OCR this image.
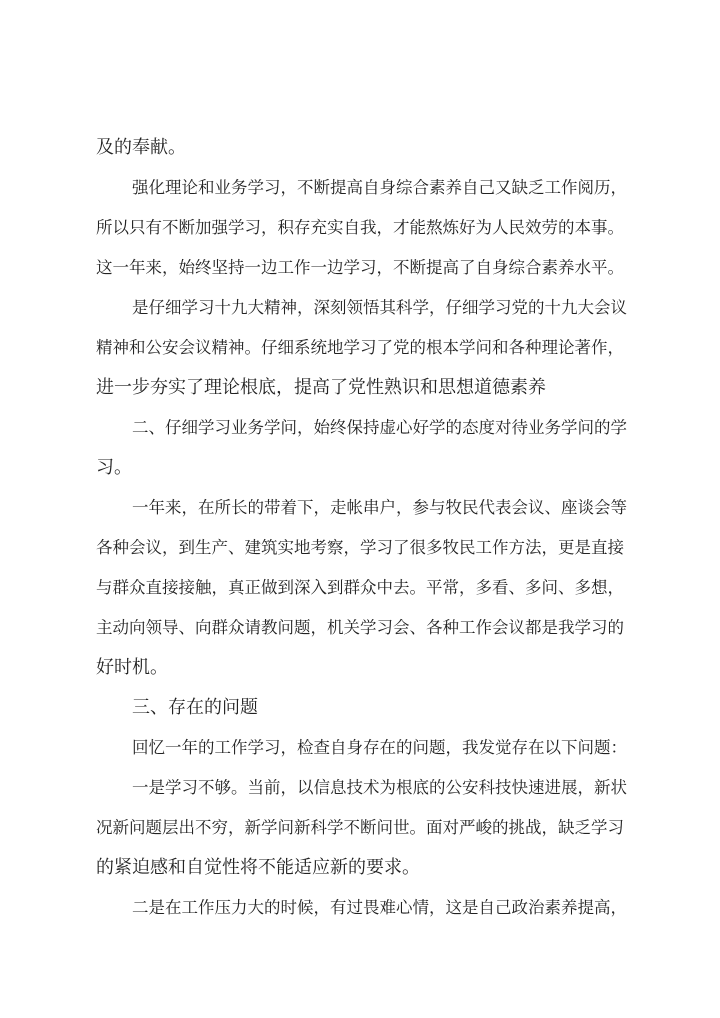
及的奉献。
强化理论和业务学习，不断提高自身综合素养自己又缺乏工作阅历，
所以只有不断加强学习，积存充实自我，才能熬炼好为人民效劳的本事。
这一年来，始终坚持一边工作一边学习，不断提高了自身综合素养水平。
是仔细学习十九大精神，深刻领悟其科学，仔细学习党的十九大会议
精神和公安会议精神。仔细系统地学习了党的根本学问和各种理论著作，
进一步夯实了理论根底，提高了党性熟识和思想道德素养
二、仔细学习业务学问，始终保持虚心好学的态度对待业务学问的学
习。
一年来，在所长的带着下，走帐串户，参与牧民代表会议、座谈会等
各种会议，到生产、建筑实地考察，学习了很多牧民工作方法，更是直接
与群众直接接触，真正做到深入到群众中去。平常，多看、多问、多想，
主动向领导、向群众请教问题，机关学习会、各种工作会议都是我学习的
好时机。
三、存在的问题
回忆一年的工作学习，检查自身存在的问题，我发觉存在以下问题：
一是学习不够。当前，以信息技术为根底的公安科技快速进展，新状
况新问题层出不穷，新学问新科学不断问世。面对严峻的挑战，缺乏学习
的紧迫感和自觉性将不能适应新的要求。
二是在工作压力大的时候，有过畏难心情，这是自己政治素养提高，
